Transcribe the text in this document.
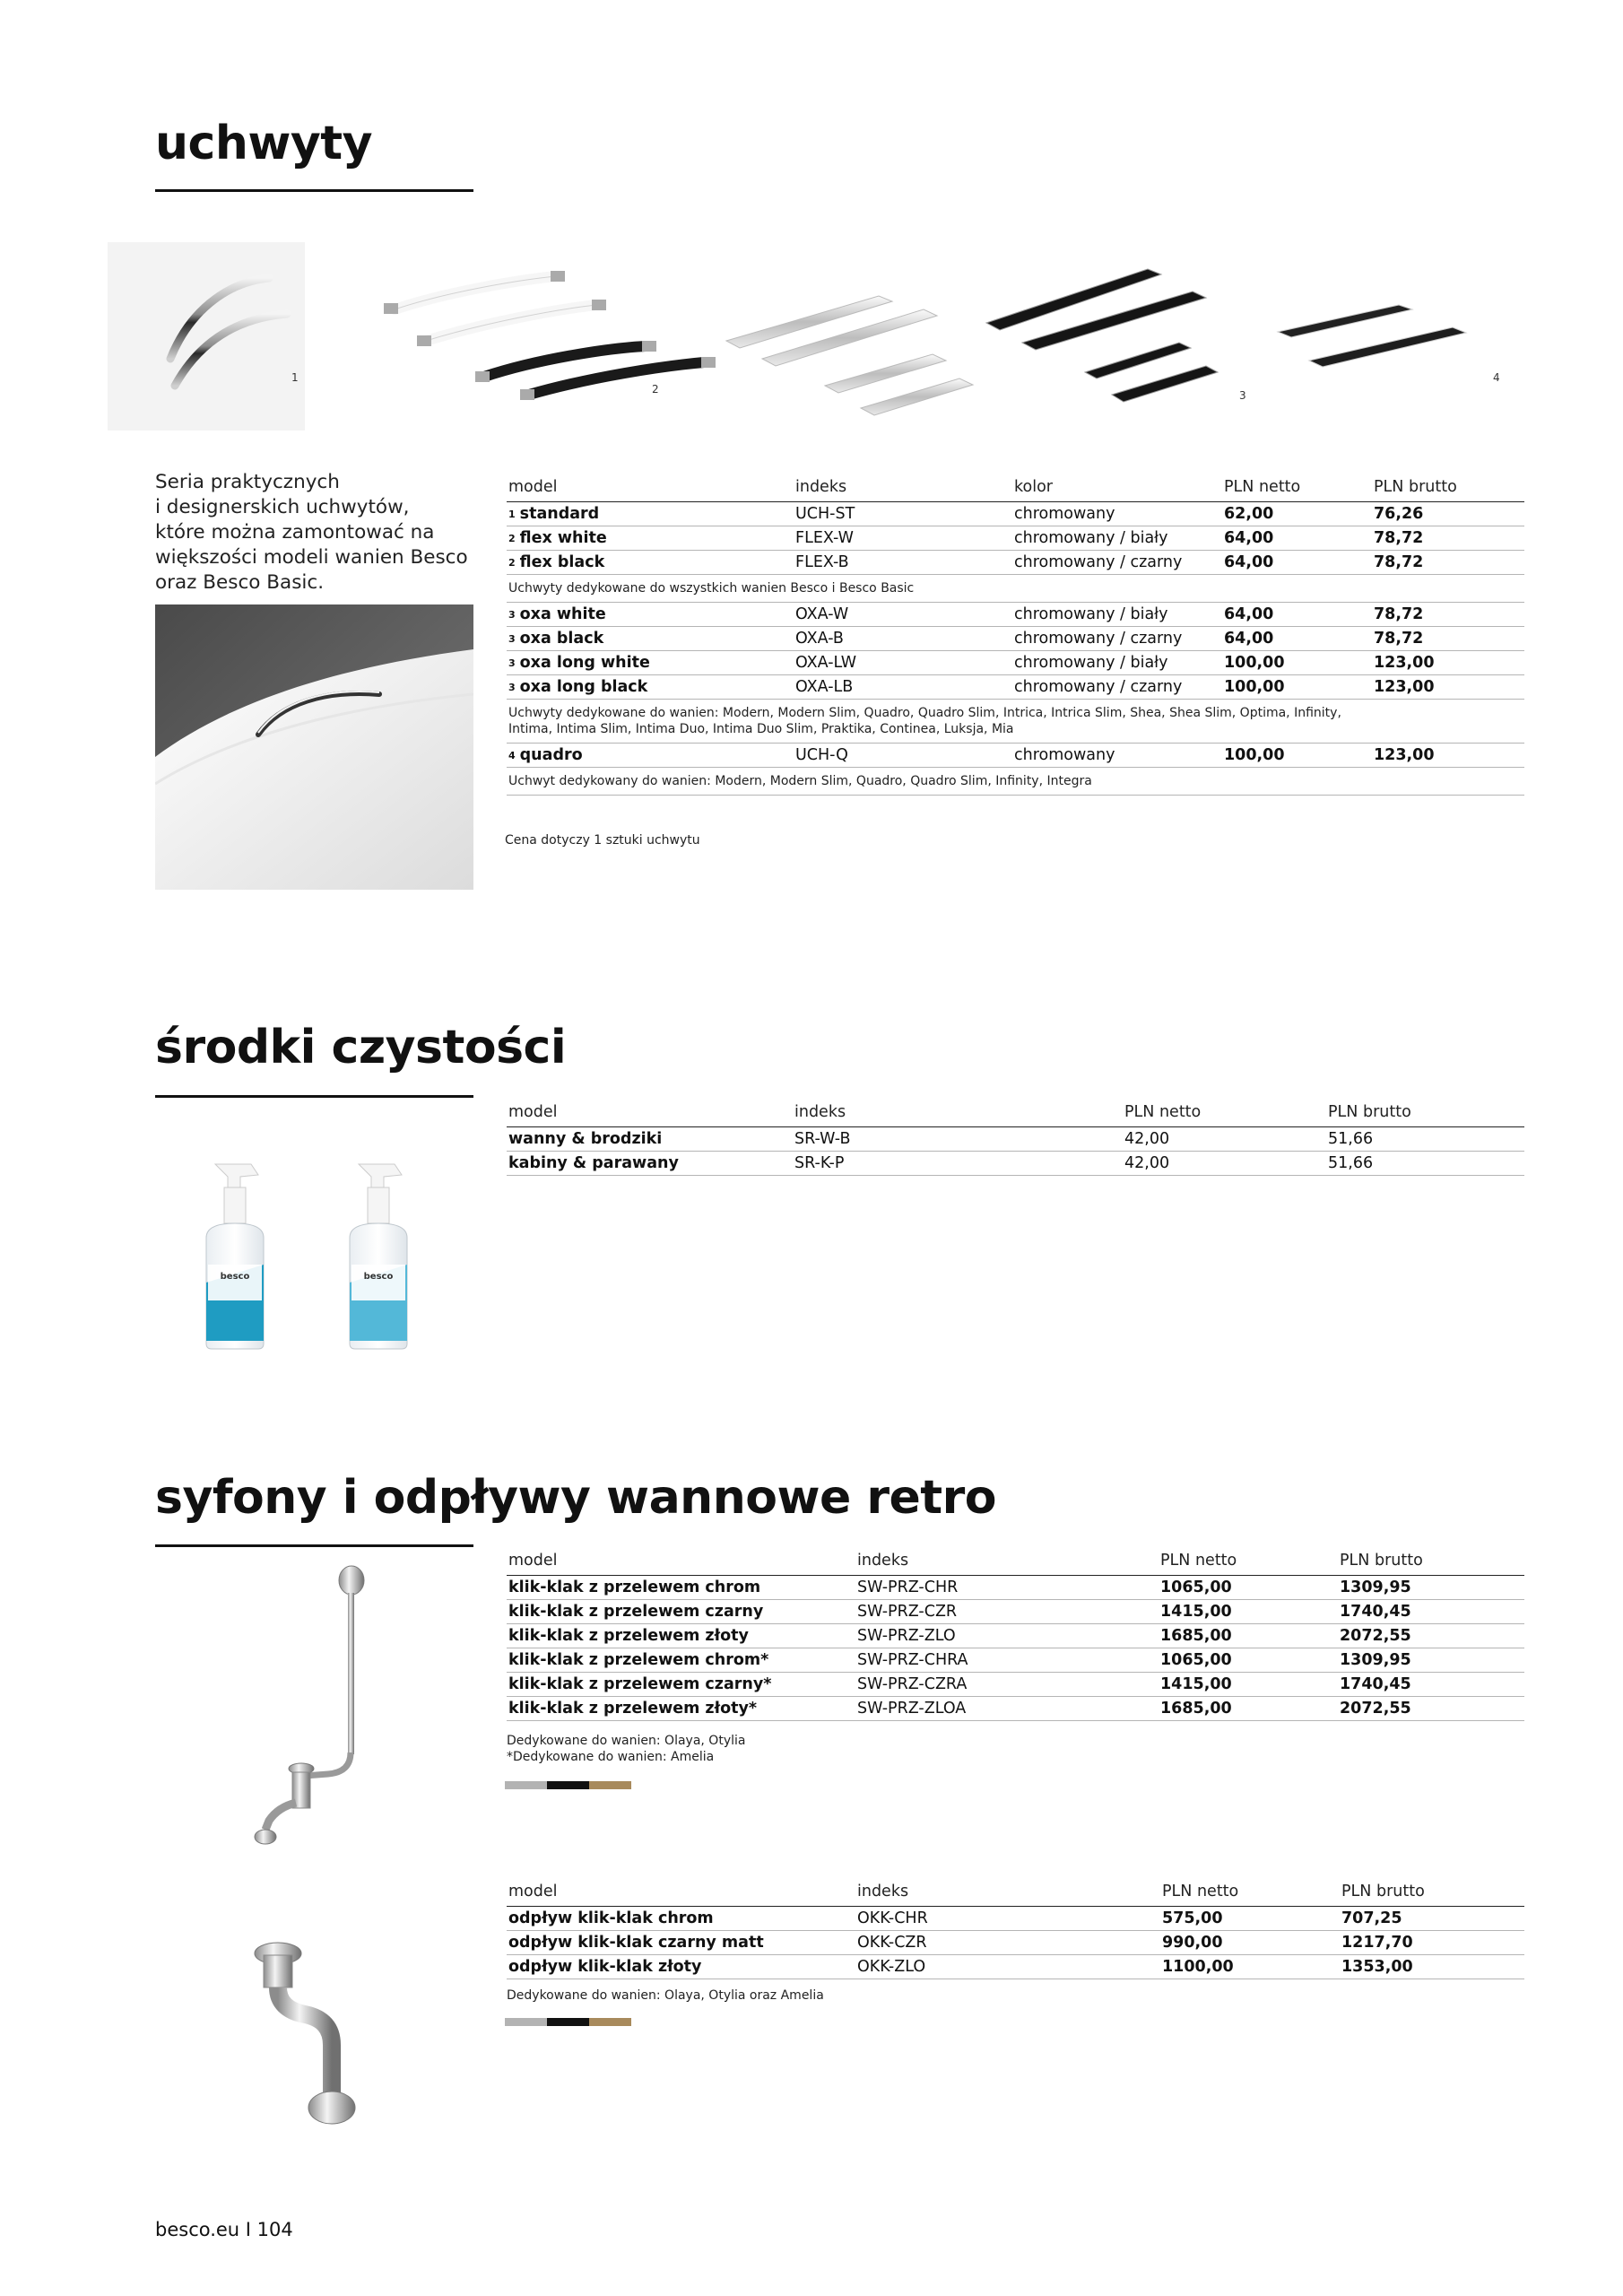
uchwyty
1
2	3
4
Seria praktycznych
i designerskich uchwytów,
które można zamontować na
większości modeli wanien Besco
oraz Besco Basic.
model	indeks	kolor	PLN netto	PLN brutto
1 standard	UCH-ST	chromowany	62,00	76,26
2 flex white	FLEX-W	chromowany / biały	64,00	78,72
2 flex black	FLEX-B	chromowany / czarny	64,00	78,72
Uchwyty dedykowane do wszystkich wanien Besco i Besco Basic
3 oxa white	OXA-W	chromowany / biały	64,00	78,72
3 oxa black	OXA-B	chromowany / czarny	64,00	78,72
3 oxa long white	OXA-LW	chromowany / biały	100,00	123,00
3 oxa long black	OXA-LB	chromowany / czarny	100,00	123,00
Uchwyty dedykowane do wanien: Modern, Modern Slim, Quadro, Quadro Slim, Intrica, Intrica Slim, Shea, Shea Slim, Optima, Infinity, Intima, Intima Slim, Intima Duo, Intima Duo Slim, Praktika, Continea, Luksja, Mia
4 quadro	UCH-Q	chromowany	100,00	123,00
Uchwyt dedykowany do wanien: Modern, Modern Slim, Quadro, Quadro Slim, Infinity, Integra
Cena dotyczy 1 sztuki uchwytu
środki czystości
besco	besco
model	indeks	PLN netto	PLN brutto
wanny & brodziki	SR-W-B	42,00	51,66
kabiny & parawany	SR-K-P	42,00	51,66
syfony i odpływy wannowe retro
model	indeks	PLN netto	PLN brutto
klik-klak z przelewem chrom	SW-PRZ-CHR	1065,00	1309,95
klik-klak z przelewem czarny	SW-PRZ-CZR	1415,00	1740,45
klik-klak z przelewem złoty	SW-PRZ-ZLO	1685,00	2072,55
klik-klak z przelewem chrom*	SW-PRZ-CHRA	1065,00	1309,95
klik-klak z przelewem czarny*	SW-PRZ-CZRA	1415,00	1740,45
klik-klak z przelewem złoty*	SW-PRZ-ZLOA	1685,00	2072,55
Dedykowane do wanien: Olaya, Otylia
*Dedykowane do wanien: Amelia
model	indeks	PLN netto	PLN brutto
odpływ klik-klak chrom	OKK-CHR	575,00	707,25
odpływ klik-klak czarny matt	OKK-CZR	990,00	1217,70
odpływ klik-klak złoty	OKK-ZLO	1100,00	1353,00
Dedykowane do wanien: Olaya, Otylia oraz Amelia
besco.eu I 104
